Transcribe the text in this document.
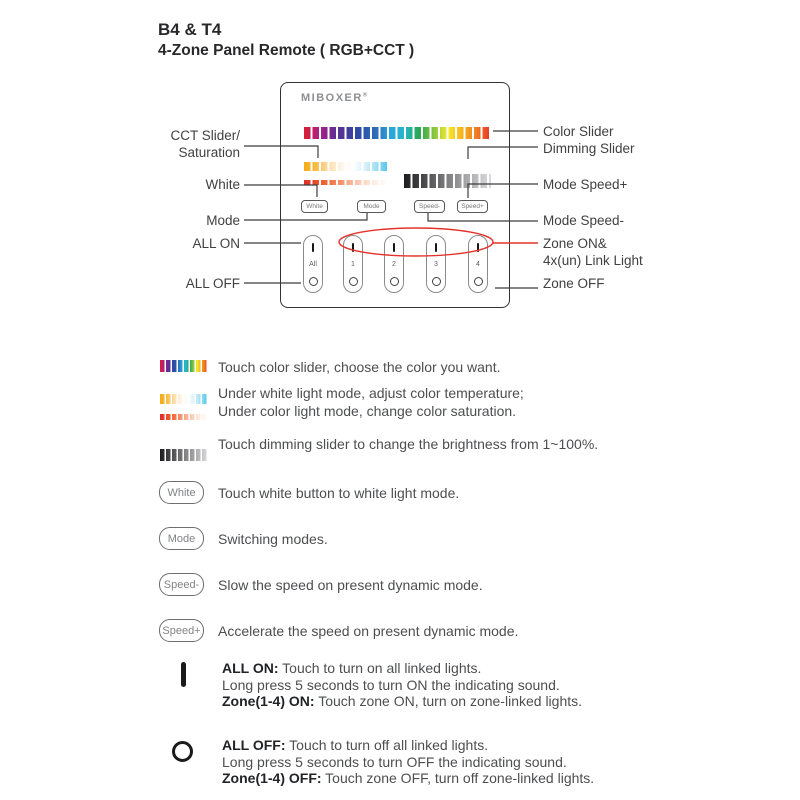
B4 & T4
4-Zone Panel Remote ( RGB+CCT )
MIBOXER®
White	Mode	Speed-	Speed+
All	1	2	3	4
CCT Slider/
Saturation
White
Mode
ALL ON
ALL OFF
Color Slider
Dimming Slider
Mode Speed+
Mode Speed-
Zone ON&
4x(un) Link Light
Zone OFF
Touch color slider, choose the color you want.
Under white light mode, adjust color temperature;
Under color light mode, change color saturation.
Touch dimming slider to change the brightness from 1~100%.
White	Touch white button to white light mode.
Mode	Switching modes.
Speed-	Slow the speed on present dynamic mode.
Speed+ Accelerate the speed on present dynamic mode.
ALL ON: Touch to turn on all linked lights.
Long press 5 seconds to turn ON the indicating sound.
Zone(1-4) ON: Touch zone ON, turn on zone-linked lights.
ALL OFF: Touch to turn off all linked lights.
Long press 5 seconds to turn OFF the indicating sound.
Zone(1-4) OFF: Touch zone OFF, turn off zone-linked lights.
